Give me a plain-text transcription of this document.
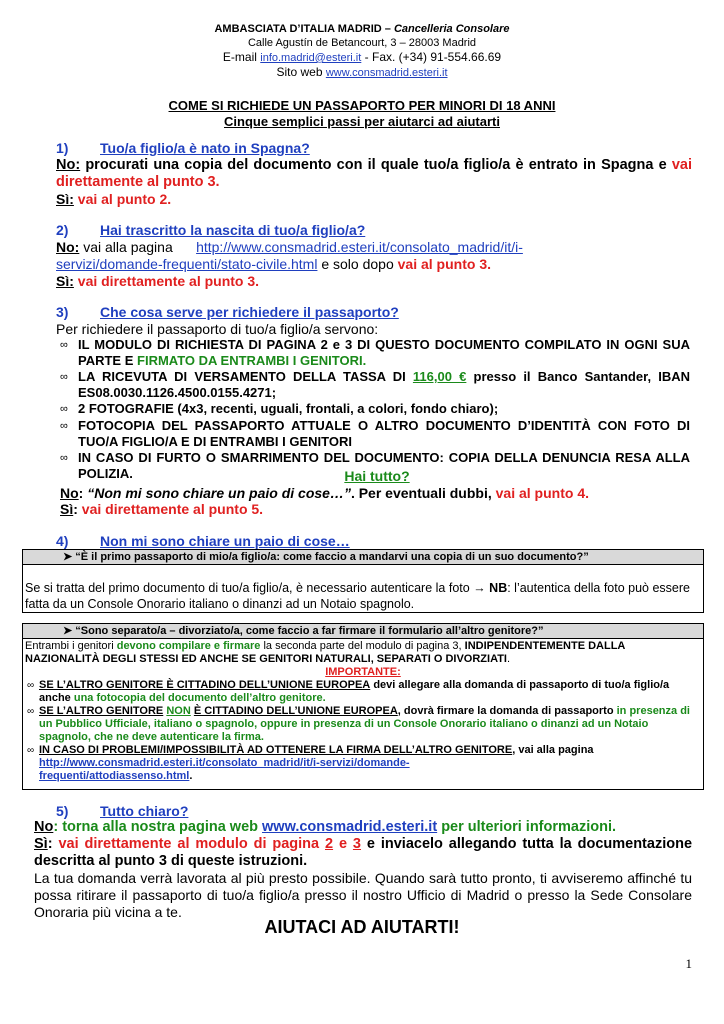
AMBASCIATA D’ITALIA MADRID – Cancelleria Consolare
Calle Agustín de Betancourt, 3 – 28003 Madrid
E-mail info.madrid@esteri.it - Fax. (+34) 91-554.66.69
Sito web www.consmadrid.esteri.it
COME SI RICHIEDE UN PASSAPORTO PER MINORI DI 18 ANNI
Cinque semplici passi per aiutarci ad aiutarti
1) Tuo/a figlio/a è nato in Spagna?
No: procurati una copia del documento con il quale tuo/a figlio/a è entrato in Spagna e vai direttamente al punto 3.
Sì: vai al punto 2.
2) Hai trascritto la nascita di tuo/a figlio/a?
No: vai alla pagina http://www.consmadrid.esteri.it/consolato_madrid/it/i-
servizi/domande-frequenti/stato-civile.html e solo dopo vai al punto 3.
Sì: vai direttamente al punto 3.
3) Che cosa serve per richiedere il passaporto?
Per richiedere il passaporto di tuo/a figlio/a servono:
∞ IL MODULO DI RICHIESTA DI PAGINA 2 e 3 DI QUESTO DOCUMENTO COMPILATO IN OGNI SUA PARTE E FIRMATO DA ENTRAMBI I GENITORI.
∞ LA RICEVUTA DI VERSAMENTO DELLA TASSA DI 116,00 € presso il Banco Santander, IBAN ES08.0030.1126.4500.0155.4271;
∞ 2 FOTOGRAFIE (4x3, recenti, uguali, frontali, a colori, fondo chiaro);
∞ FOTOCOPIA DEL PASSAPORTO ATTUALE O ALTRO DOCUMENTO D’IDENTITÀ CON FOTO DI TUO/A FIGLIO/A E DI ENTRAMBI I GENITORI
∞ IN CASO DI FURTO O SMARRIMENTO DEL DOCUMENTO: COPIA DELLA DENUNCIA RESA ALLA POLIZIA.	Hai tutto?
No: “Non mi sono chiare un paio di cose…”. Per eventuali dubbi, vai al punto 4.
Sì: vai direttamente al punto 5.
4) Non mi sono chiare un paio di cose…
➤ “È il primo passaporto di mio/a figlio/a: come faccio a mandarvi una copia di un suo documento?”
Se si tratta del primo documento di tuo/a figlio/a, è necessario autenticare la foto → NB: l’autentica della foto può essere fatta da un Console Onorario italiano o dinanzi ad un Notaio spagnolo.
➤ “Sono separato/a – divorziato/a, come faccio a far firmare il formulario all’altro genitore?”
Entrambi i genitori devono compilare e firmare la seconda parte del modulo di pagina 3, INDIPENDENTEMENTE DALLA NAZIONALITÀ DEGLI STESSI ED ANCHE SE GENITORI NATURALI, SEPARATI O DIVORZIATI.
IMPORTANTE:
∞ SE L’ALTRO GENITORE È CITTADINO DELL’UNIONE EUROPEA devi allegare alla domanda di passaporto di tuo/a figlio/a anche una fotocopia del documento dell’altro genitore.
∞ SE L’ALTRO GENITORE NON È CITTADINO DELL’UNIONE EUROPEA, dovrà firmare la domanda di passaporto in presenza di un Pubblico Ufficiale, italiano o spagnolo, oppure in presenza di un Console Onorario italiano o dinanzi ad un Notaio spagnolo, che ne deve autenticare la firma.
∞ IN CASO DI PROBLEMI/IMPOSSIBILITÀ AD OTTENERE LA FIRMA DELL’ALTRO GENITORE, vai alla pagina
http://www.consmadrid.esteri.it/consolato_madrid/it/i-servizi/domande-
frequenti/attodiassenso.html.
5) Tutto chiaro?
No: torna alla nostra pagina web www.consmadrid.esteri.it per ulteriori informazioni.
Sì: vai direttamente al modulo di pagina 2 e 3 e inviacelo allegando tutta la documentazione descritta al punto 3 di queste istruzioni.
La tua domanda verrà lavorata al più presto possibile. Quando sarà tutto pronto, ti avviseremo affinché tu possa ritirare il passaporto di tuo/a figlio/a presso il nostro Ufficio di Madrid o presso la Sede Consolare Onoraria più vicina a te.
AIUTACI AD AIUTARTI!
1
